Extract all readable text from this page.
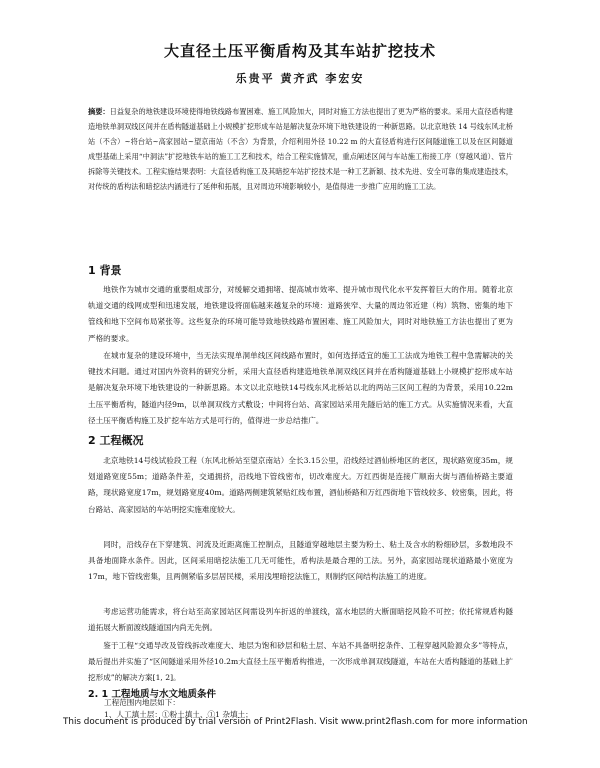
大直径土压平衡盾构及其车站扩挖技术
乐贵平 黄齐武 李宏安
摘要：日益复杂的地铁建设环境使得地铁线路布置困难、施工风险加大，同时对施工方法也提出了更为严格的要求。采用大直径盾构建造地铁单洞双线区间并在盾构隧道基础上小规模扩挖形成车站是解决复杂环境下地铁建设的一种新思路。以北京地铁 14 号线东风北桥站（不含）~将台站~高家园站~望京南站（不含）为背景，介绍利用外径 10.22 m 的大直径盾构进行区间隧道施工以及在区间隧道成型基础上采用“中洞法”扩挖地铁车站的施工工艺和技术，结合工程实施情况，重点阐述区间与车站施工衔接工序（穿越风道）、管片拆除等关键技术。工程实施结果表明：大直径盾构施工及其暗挖车站扩挖技术是一种工艺新颖、技术先进、安全可靠的集成建造技术，对传统的盾构法和暗挖法内涵进行了延伸和拓展，且对周边环境影响较小，是值得进一步推广应用的施工工法。
1 背景
地铁作为城市交通的重要组成部分，对缓解交通拥堵、提高城市效率、提升城市现代化水平发挥着巨大的作用。随着北京轨道交通的线网成型和迅速发展，地铁建设将面临越来越复杂的环境：道路狭窄、大量的周边邻近建（构）筑物、密集的地下管线和地下空间布局紧张等。这些复杂的环境可能导致地铁线路布置困难、施工风险加大，同时对地铁施工方法也提出了更为严格的要求。
在城市复杂的建设环境中，当无法实现单洞单线区间线路布置时，如何选择适宜的施工工法成为地铁工程中急需解决的关键技术问题。通过对国内外资料的研究分析，采用大直径盾构建造地铁单洞双线区间并在盾构隧道基础上小规模扩挖形成车站是解决复杂环境下地铁建设的一种新思路。本文以北京地铁14号线东风北桥站以北的两站三区间工程的为背景，采用10.22m土压平衡盾构，隧道内径9m，以单洞双线方式敷设；中间将台站、高家园站采用先隧后站的施工方式。从实施情况来看，大直径土压平衡盾构施工及扩挖车站方式是可行的，值得进一步总结推广。
2 工程概况
北京地铁14号线试验段工程（东风北桥站至望京南站）全长3.15公里，沿线经过酒仙桥地区的老区，现状路宽度35m，规划道路宽度55m；道路条件差，交通拥挤，沿线地下管线密布，切改难度大。万红西街是连接广顺南大街与酒仙桥路主要道路，现状路宽度17m，规划路宽度40m。道路两侧建筑紧贴红线布置，酒仙桥路和万红西街地下管线较多、较密集，因此，将台路站、高家园站的车站明挖实施难度较大。
同时，沿线存在下穿建筑、河流及近距离施工控制点，且隧道穿越地层主要为粉土、粘土及含水的粉细砂层，多数地段不具备地面降水条件。因此，区间采用暗挖法施工几无可能性，盾构法是最合理的工法。另外，高家园站现状道路最小宽度为17m，地下管线密集，且两侧紧临多层居民楼，采用浅埋暗挖法施工，则制约区间结构法施工的进度。
考虑运营功能需求，将台站至高家园站区间需设列车折返的单渡线，富水地层的大断面暗挖风险不可控；依托常规盾构隧道拓展大断面渡线隧道国内尚无先例。
鉴于工程“交通导改及管线拆改难度大、地层为饱和砂层和粘土层、车站不具备明挖条件、工程穿越风险源众多”等特点，最后提出并实施了“区间隧道采用外径10.2m大直径土压平衡盾构推进，一次形成单洞双线隧道，车站在大盾构隧道的基础上扩挖形成”的解决方案[1, 2]。
2. 1 工程地质与水文地质条件
工程范围内地层如下：
1、人工填土层：①粉土填土、①1 杂填土；
This document is produced by trial version of Print2Flash. Visit www.print2flash.com for more information
